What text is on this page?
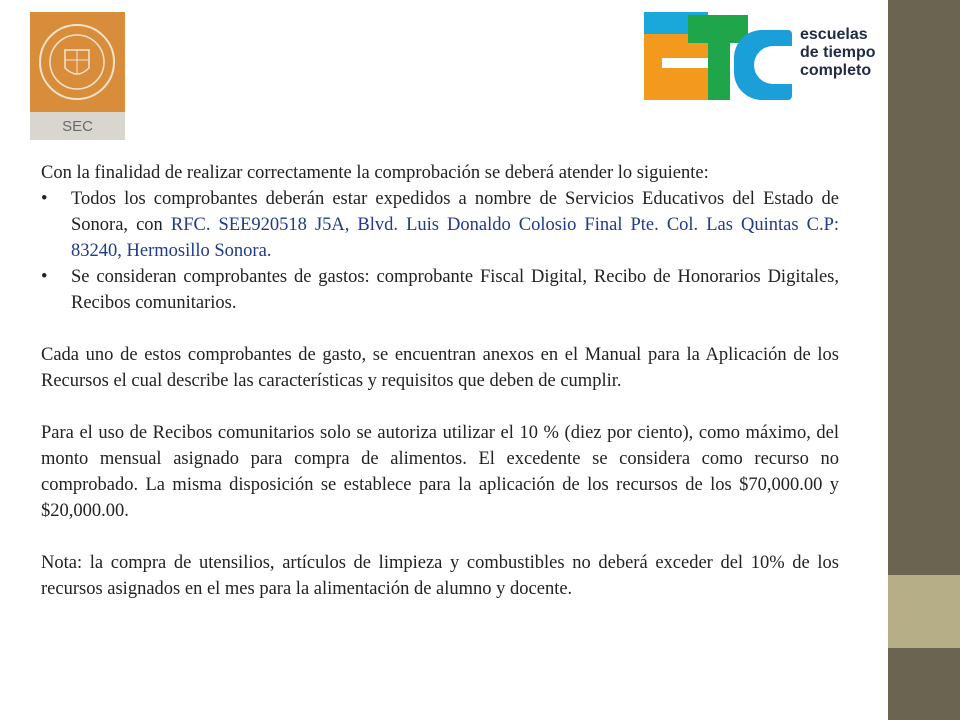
SEC
escuelas
de tiempo
completo

Con la finalidad de realizar correctamente la comprobación se deberá atender lo siguiente:

• Todos los comprobantes deberán estar expedidos a nombre de Servicios Educativos del Estado de Sonora, con RFC. SEE920518 J5A, Blvd. Luis Donaldo Colosio Final Pte. Col. Las Quintas C.P: 83240, Hermosillo Sonora.
• Se consideran comprobantes de gastos: comprobante Fiscal Digital, Recibo de Honorarios Digitales, Recibos comunitarios.

Cada uno de estos comprobantes de gasto, se encuentran anexos en el Manual para la Aplicación de los Recursos el cual describe las características y requisitos que deben de cumplir.

Para el uso de Recibos comunitarios solo se autoriza utilizar el 10 % (diez por ciento), como máximo, del monto mensual asignado para compra de alimentos. El excedente se considera como recurso no comprobado. La misma disposición se establece para la aplicación de los recursos de los $70,000.00 y $20,000.00.

Nota: la compra de utensilios, artículos de limpieza y combustibles no deberá exceder del 10% de los recursos asignados en el mes para la alimentación de alumno y docente.
